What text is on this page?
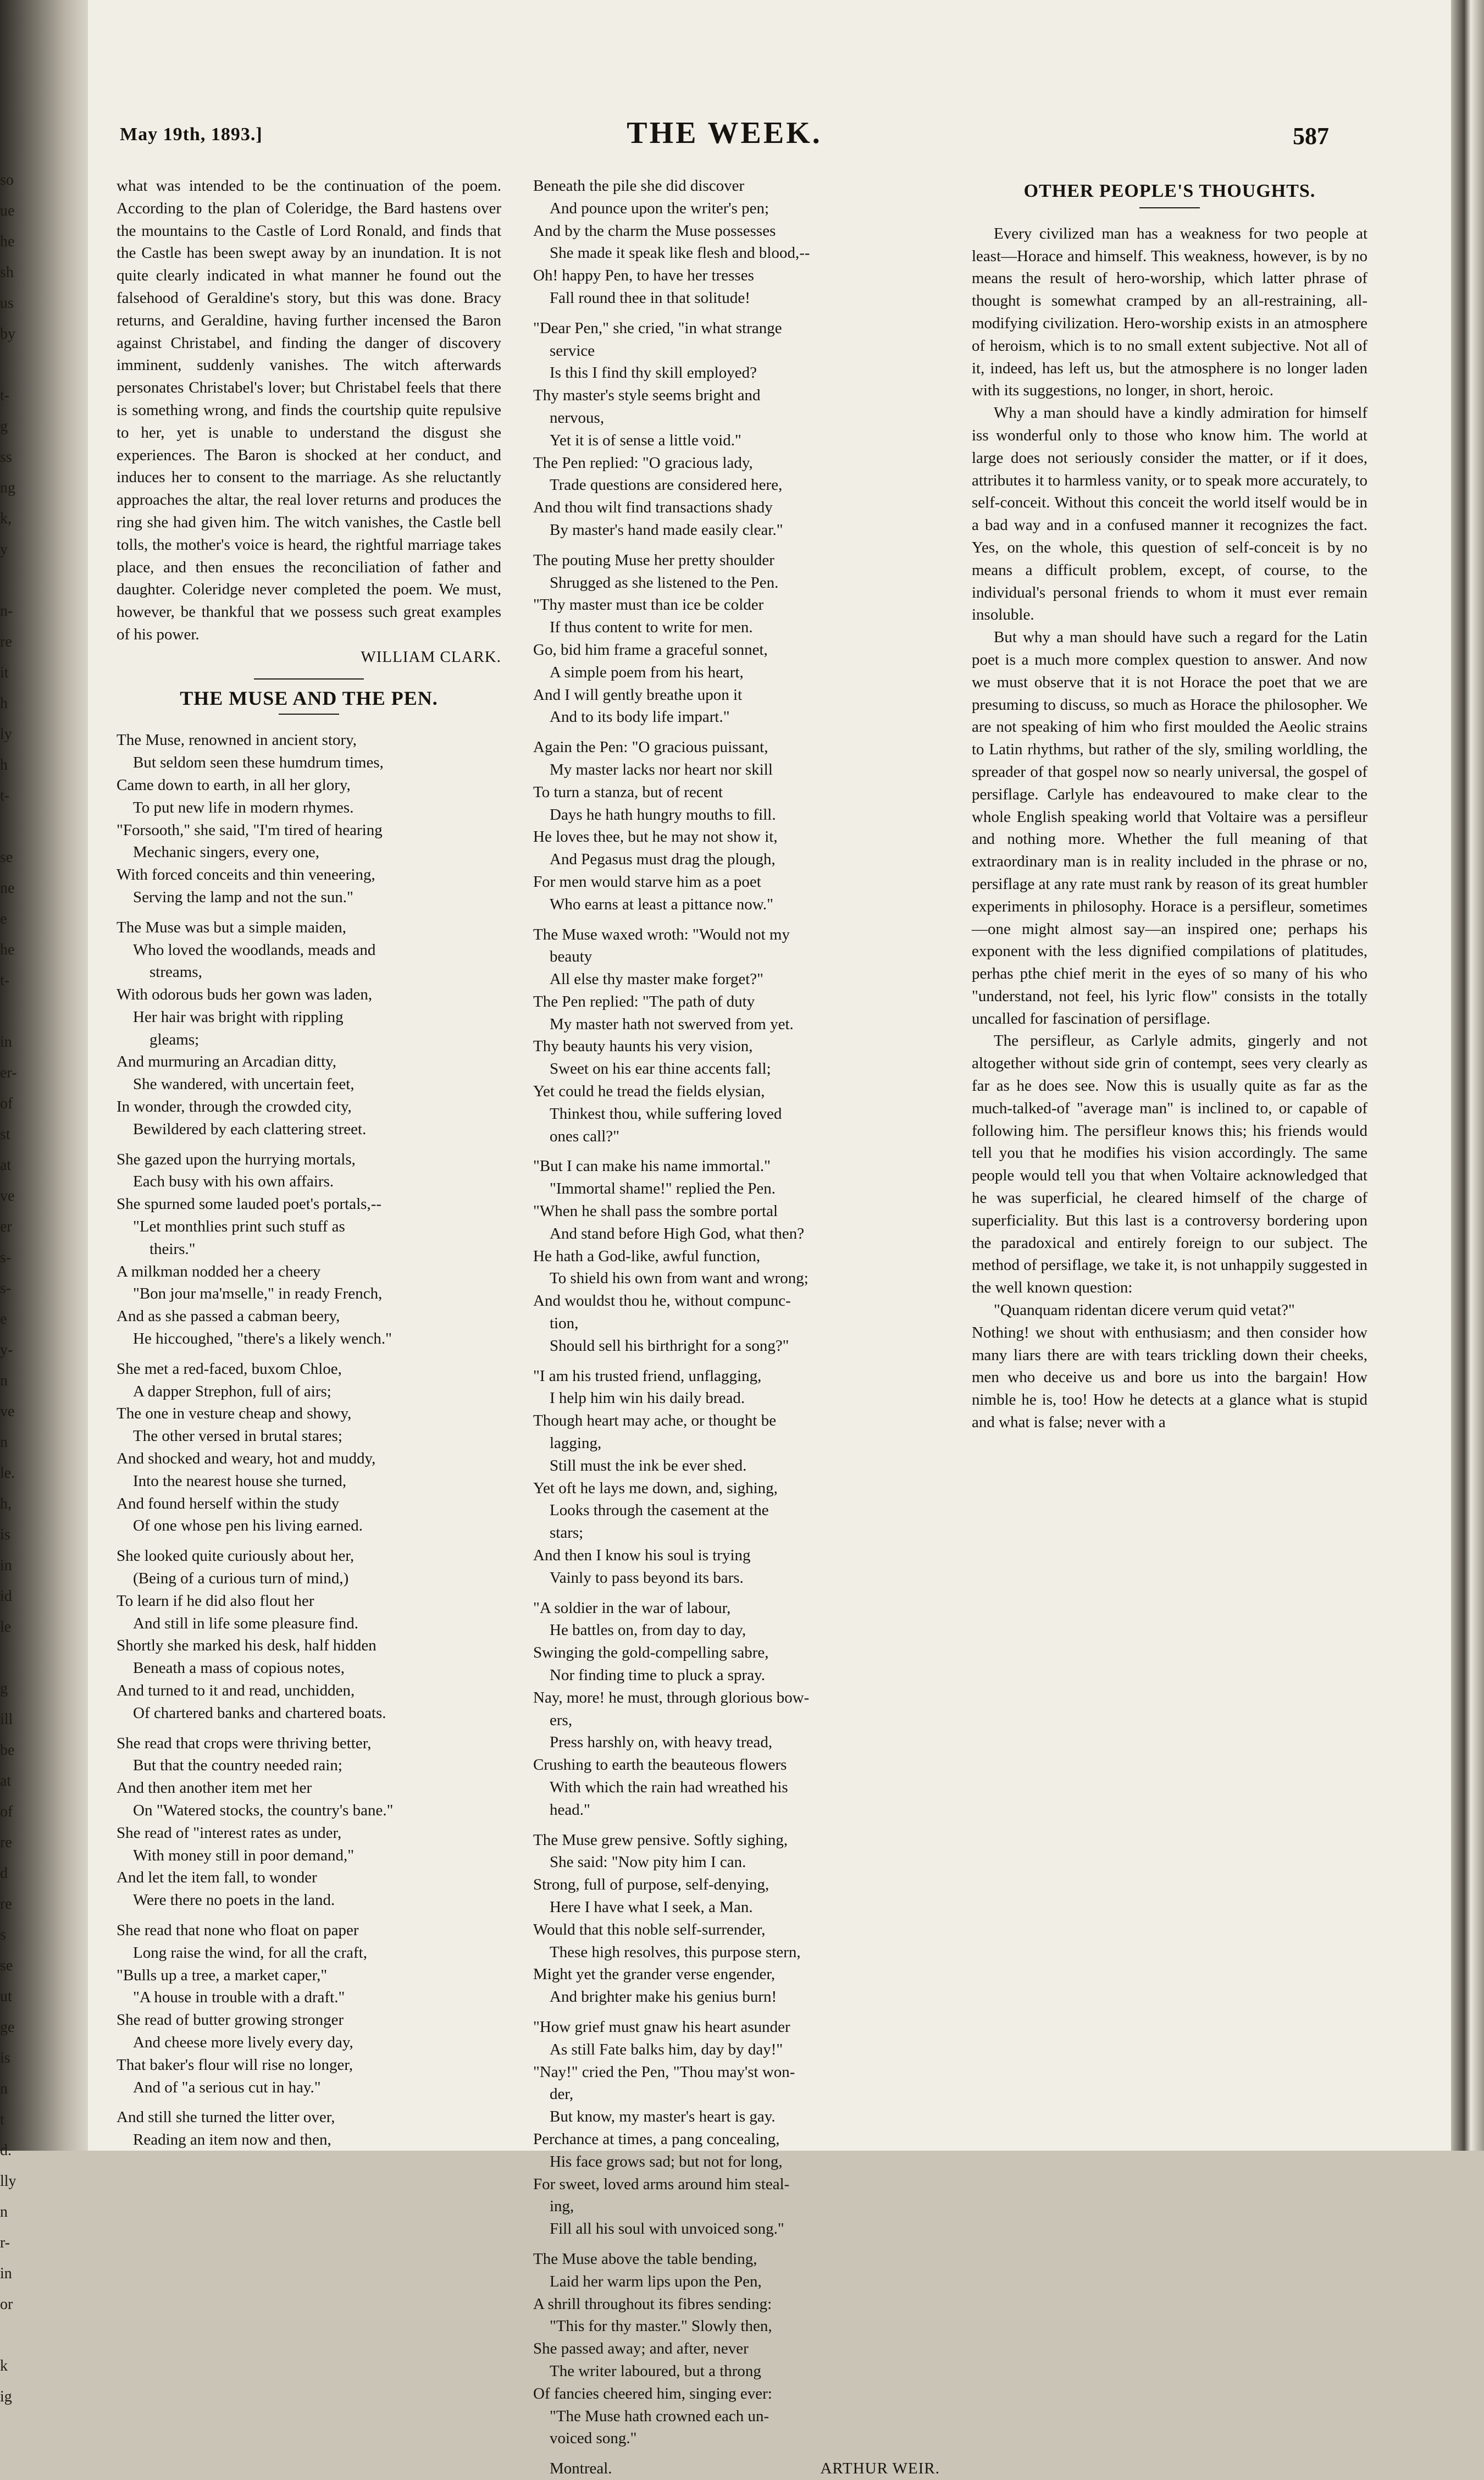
so
ue
he
sh
us
by

t-
g
ss
ng
k,
y

n-
re
it
h
ly
h
t-

se
ne
e
he
t-

in
er-
of
st
at
ve
er
s-
s-
e
y-
n
ve
n
le.
h,
is
in
id
le

g
ill
be
at
of
re
d
re
s
se
ut
ge
is
n
t
d.
lly
n
r-
in
or

k
ig
May 19th, 1893.]	THE WEEK.	587

what was intended to be the continuation of the poem. According to the plan of Coleridge, the Bard hastens over the mountains to the Castle of Lord Ronald, and finds that the Castle has been swept away by an inundation. It is not quite clearly indicated in what manner he found out the falsehood of Geraldine's story, but this was done. Bracy returns, and Geraldine, having further incensed the Baron against Christabel, and finding the danger of discovery imminent, suddenly vanishes. The witch afterwards personates Christabel's lover; but Christabel feels that there is something wrong, and finds the courtship quite repulsive to her, yet is unable to understand the disgust she experiences. The Baron is shocked at her conduct, and induces her to consent to the marriage. As she reluctantly approaches the altar, the real lover returns and produces the ring she had given him. The witch vanishes, the Castle bell tolls, the mother's voice is heard, the rightful marriage takes place, and then ensues the reconciliation of father and daughter. Coleridge never completed the poem. We must, however, be thankful that we possess such great examples of his power.

WILLIAM CLARK.
THE MUSE AND THE PEN.
The Muse, renowned in ancient story,
But seldom seen these humdrum times,
Came down to earth, in all her glory,
To put new life in modern rhymes.
"Forsooth," she said, "I'm tired of hearing
Mechanic singers, every one,
With forced conceits and thin veneering,
Serving the lamp and not the sun."
The Muse was but a simple maiden,
Who loved the woodlands, meads and
streams,
With odorous buds her gown was laden,
Her hair was bright with rippling
gleams;
And murmuring an Arcadian ditty,
She wandered, with uncertain feet,
In wonder, through the crowded city,
Bewildered by each clattering street.
She gazed upon the hurrying mortals,
Each busy with his own affairs.
She spurned some lauded poet's portals,--
"Let monthlies print such stuff as
theirs."
A milkman nodded her a cheery
"Bon jour ma'mselle," in ready French,
And as she passed a cabman beery,
He hiccoughed, "there's a likely wench."
She met a red-faced, buxom Chloe,
A dapper Strephon, full of airs;
The one in vesture cheap and showy,
The other versed in brutal stares;
And shocked and weary, hot and muddy,
Into the nearest house she turned,
And found herself within the study
Of one whose pen his living earned.
She looked quite curiously about her,
(Being of a curious turn of mind,)
To learn if he did also flout her
And still in life some pleasure find.
Shortly she marked his desk, half hidden
Beneath a mass of copious notes,
And turned to it and read, unchidden,
Of chartered banks and chartered boats.
She read that crops were thriving better,
But that the country needed rain;
And then another item met her
On "Watered stocks, the country's bane."
She read of "interest rates as under,
With money still in poor demand,"
And let the item fall, to wonder
Were there no poets in the land.
She read that none who float on paper
Long raise the wind, for all the craft,
"Bulls up a tree, a market caper,"
"A house in trouble with a draft."
She read of butter growing stronger
And cheese more lively every day,
That baker's flour will rise no longer,
And of "a serious cut in hay."
And still she turned the litter over,
Reading an item now and then,
Beneath the pile she did discover
And pounce upon the writer's pen;
And by the charm the Muse possesses
She made it speak like flesh and blood,--
Oh! happy Pen, to have her tresses
Fall round thee in that solitude!
"Dear Pen," she cried, "in what strange
service
Is this I find thy skill employed?
Thy master's style seems bright and
nervous,
Yet it is of sense a little void."
The Pen replied: "O gracious lady,
Trade questions are considered here,
And thou wilt find transactions shady
By master's hand made easily clear."
The pouting Muse her pretty shoulder
Shrugged as she listened to the Pen.
"Thy master must than ice be colder
If thus content to write for men.
Go, bid him frame a graceful sonnet,
A simple poem from his heart,
And I will gently breathe upon it
And to its body life impart."
Again the Pen: "O gracious puissant,
My master lacks nor heart nor skill
To turn a stanza, but of recent
Days he hath hungry mouths to fill.
He loves thee, but he may not show it,
And Pegasus must drag the plough,
For men would starve him as a poet
Who earns at least a pittance now."
The Muse waxed wroth: "Would not my
beauty
All else thy master make forget?"
The Pen replied: "The path of duty
My master hath not swerved from yet.
Thy beauty haunts his very vision,
Sweet on his ear thine accents fall;
Yet could he tread the fields elysian,
Thinkest thou, while suffering loved
ones call?"
"But I can make his name immortal."
"Immortal shame!" replied the Pen.
"When he shall pass the sombre portal
And stand before High God, what then?
He hath a God-like, awful function,
To shield his own from want and wrong;
And wouldst thou he, without compunc-
tion,
Should sell his birthright for a song?"
"I am his trusted friend, unflagging,
I help him win his daily bread.
Though heart may ache, or thought be
lagging,
Still must the ink be ever shed.
Yet oft he lays me down, and, sighing,
Looks through the casement at the
stars;
And then I know his soul is trying
Vainly to pass beyond its bars.
"A soldier in the war of labour,
He battles on, from day to day,
Swinging the gold-compelling sabre,
Nor finding time to pluck a spray.
Nay, more! he must, through glorious bow-
ers,
Press harshly on, with heavy tread,
Crushing to earth the beauteous flowers
With which the rain had wreathed his
head."
The Muse grew pensive. Softly sighing,
She said: "Now pity him I can.
Strong, full of purpose, self-denying,
Here I have what I seek, a Man.
Would that this noble self-surrender,
These high resolves, this purpose stern,
Might yet the grander verse engender,
And brighter make his genius burn!
"How grief must gnaw his heart asunder
As still Fate balks him, day by day!"
"Nay!" cried the Pen, "Thou may'st won-
der,
But know, my master's heart is gay.
Perchance at times, a pang concealing,
His face grows sad; but not for long,
For sweet, loved arms around him steal-
ing,
Fill all his soul with unvoiced song."
The Muse above the table bending,
Laid her warm lips upon the Pen,
A shrill throughout its fibres sending:
"This for thy master." Slowly then,
She passed away; and after, never
The writer laboured, but a throng
Of fancies cheered him, singing ever:
"The Muse hath crowned each un-
voiced song."
Montreal.	ARTHUR WEIR.
OTHER PEOPLE'S THOUGHTS.

Every civilized man has a weakness for two people at least—Horace and himself. This weakness, however, is by no means the result of hero-worship, which latter phrase of thought is somewhat cramped by an all-restraining, all-modifying civilization. Hero-worship exists in an atmosphere of heroism, which is to no small extent subjective. Not all of it, indeed, has left us, but the atmosphere is no longer laden with its suggestions, no longer, in short, heroic.

Why a man should have a kindly admiration for himself iss wonderful only to those who know him. The world at large does not seriously consider the matter, or if it does, attributes it to harmless vanity, or to speak more accurately, to self-conceit. Without this conceit the world itself would be in a bad way and in a confused manner it recognizes the fact. Yes, on the whole, this question of self-conceit is by no means a difficult problem, except, of course, to the individual's personal friends to whom it must ever remain insoluble.

But why a man should have such a regard for the Latin poet is a much more complex question to answer. And now we must observe that it is not Horace the poet that we are presuming to discuss, so much as Horace the philosopher. We are not speaking of him who first moulded the Aeolic strains to Latin rhythms, but rather of the sly, smiling worldling, the spreader of that gospel now so nearly universal, the gospel of persiflage. Carlyle has endeavoured to make clear to the whole English speaking world that Voltaire was a persifleur and nothing more. Whether the full meaning of that extraordinary man is in reality included in the phrase or no, persiflage at any rate must rank by reason of its great humbler experiments in philosophy. Horace is a persifleur, sometimes—one might almost say—an inspired one; perhaps his exponent with the less dignified compilations of platitudes, perhas pthe chief merit in the eyes of so many of his who "understand, not feel, his lyric flow" consists in the totally uncalled for fascination of persiflage.

The persifleur, as Carlyle admits, gingerly and not altogether without side grin of contempt, sees very clearly as far as he does see. Now this is usually quite as far as the much-talked-of "average man" is inclined to, or capable of following him. The persifleur knows this; his friends would tell you that he modifies his vision accordingly. The same people would tell you that when Voltaire acknowledged that he was superficial, he cleared himself of the charge of superficiality. But this last is a controversy bordering upon the paradoxical and entirely foreign to our subject. The method of persiflage, we take it, is not unhappily suggested in the well known question:

"Quanquam ridentan dicere verum quid vetat?"

Nothing! we shout with enthusiasm; and then consider how many liars there are with tears trickling down their cheeks, men who deceive us and bore us into the bargain! How nimble he is, too! How he detects at a glance what is stupid and what is false; never with a
